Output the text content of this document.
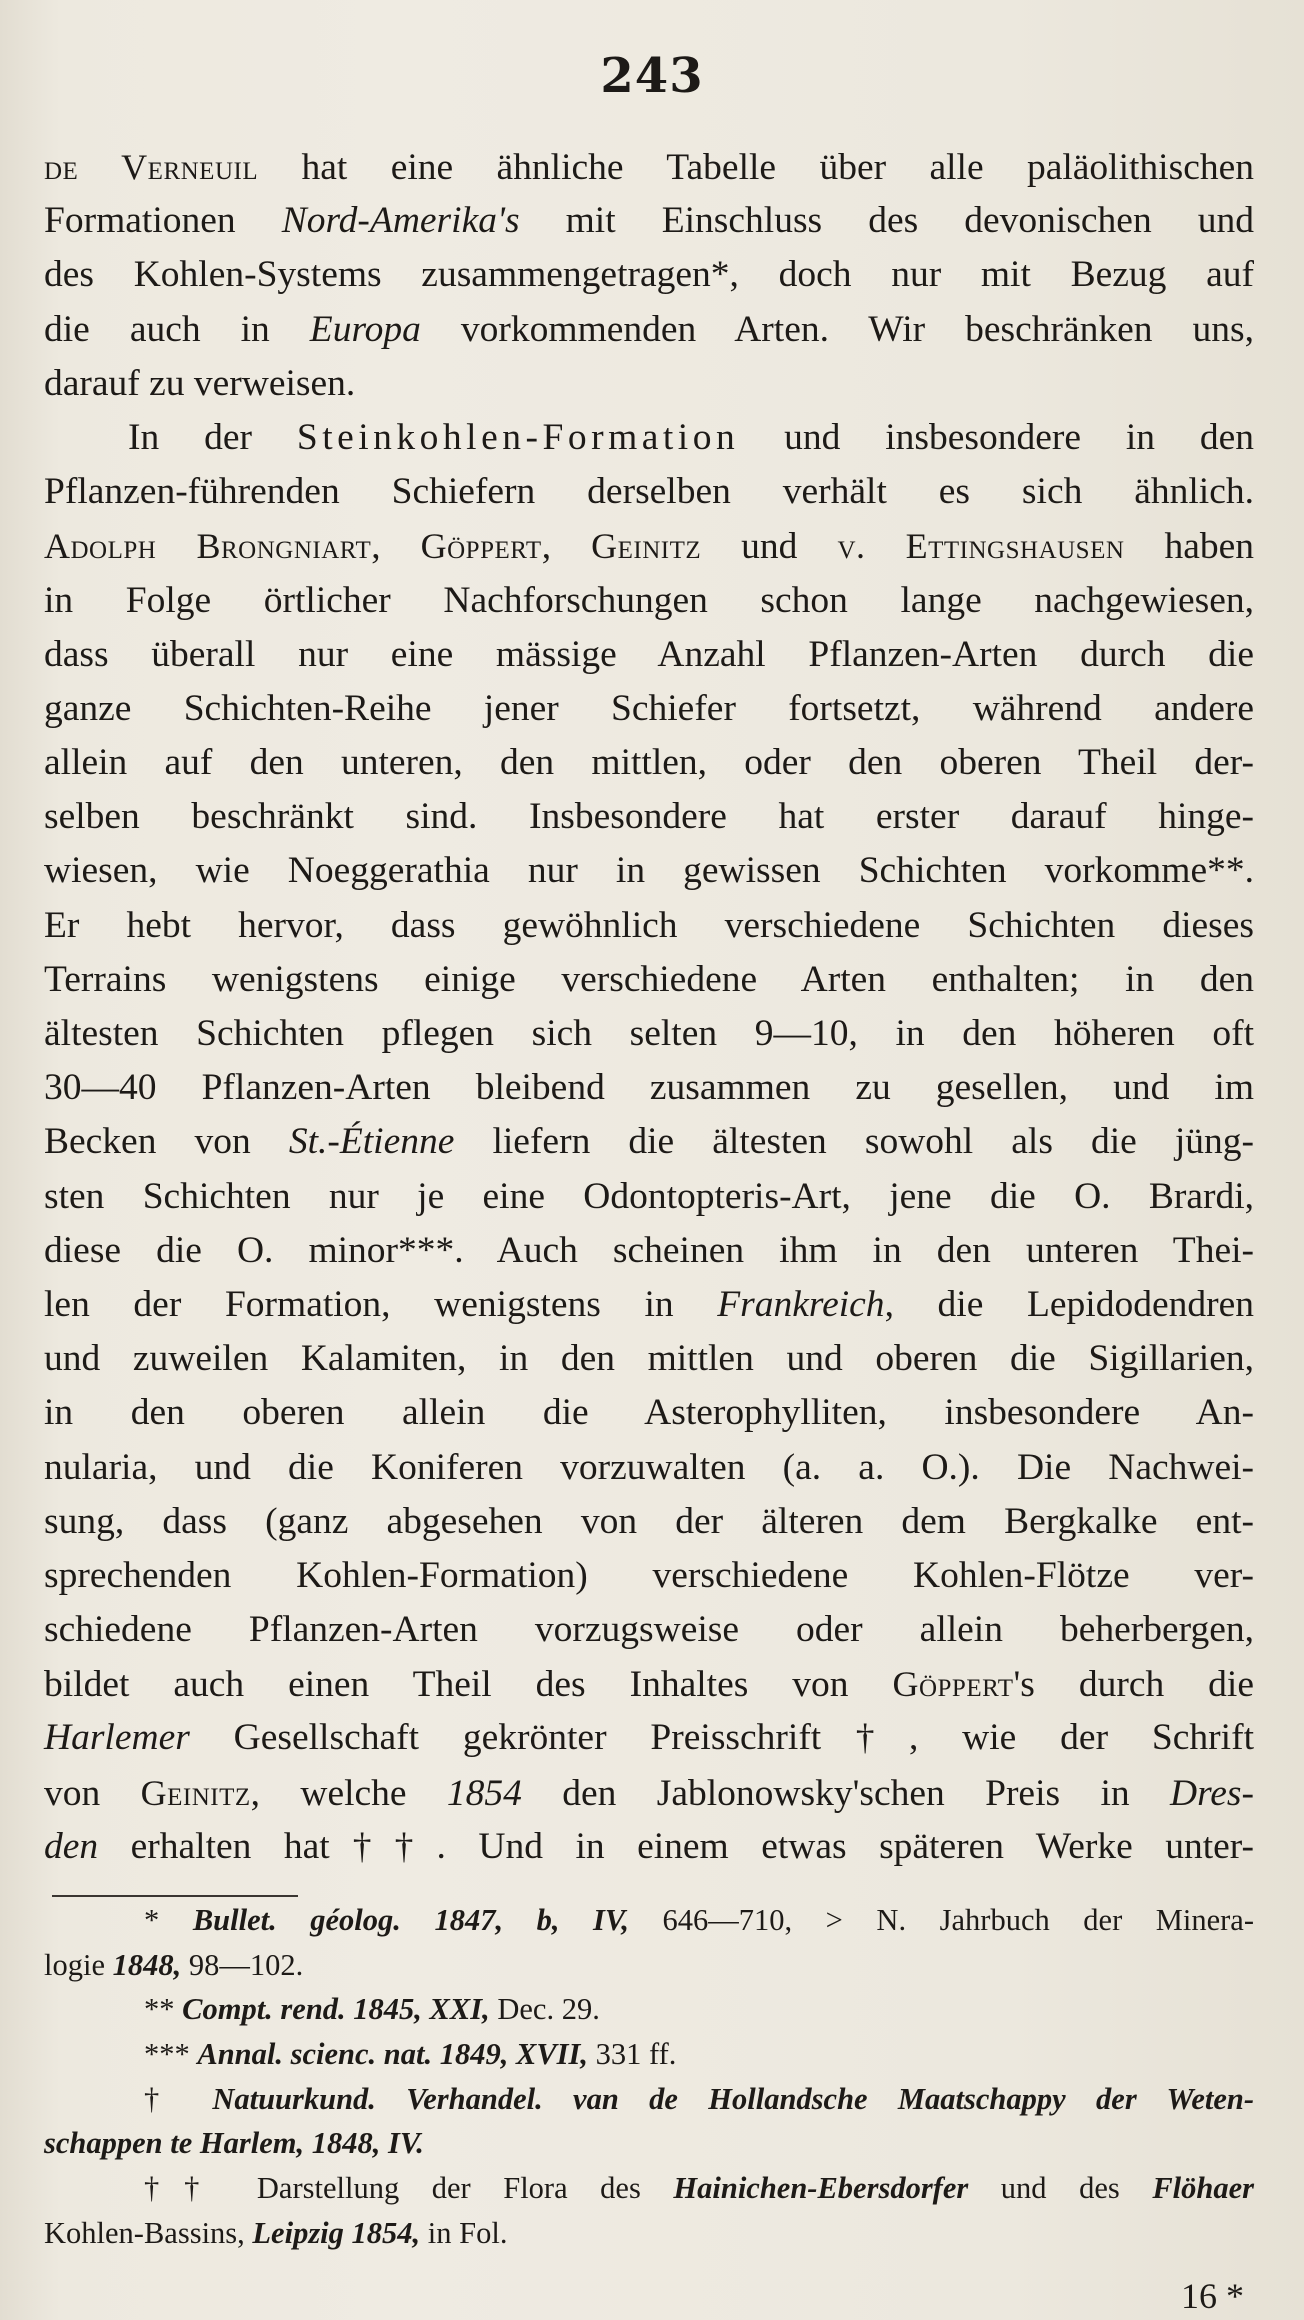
243
de Verneuil hat eine ähnliche Tabelle über alle paläolithischen
Formationen Nord-Amerika's mit Einschluss des devonischen und
des Kohlen-Systems zusammengetragen*, doch nur mit Bezug auf
die auch in Europa vorkommenden Arten. Wir beschränken uns,
darauf zu verweisen.
In der Steinkohlen-Formation und insbesondere in den
Pflanzen-führenden Schiefern derselben verhält es sich ähnlich.
Adolph Brongniart, Göppert, Geinitz und v. Ettingshausen haben
in Folge örtlicher Nachforschungen schon lange nachgewiesen,
dass überall nur eine mässige Anzahl Pflanzen-Arten durch die
ganze Schichten-Reihe jener Schiefer fortsetzt, während andere
allein auf den unteren, den mittlen, oder den oberen Theil der-
selben beschränkt sind. Insbesondere hat erster darauf hinge-
wiesen, wie Noeggerathia nur in gewissen Schichten vorkomme**.
Er hebt hervor, dass gewöhnlich verschiedene Schichten dieses
Terrains wenigstens einige verschiedene Arten enthalten; in den
ältesten Schichten pflegen sich selten 9—10, in den höheren oft
30—40 Pflanzen-Arten bleibend zusammen zu gesellen, und im
Becken von St.-Étienne liefern die ältesten sowohl als die jüng-
sten Schichten nur je eine Odontopteris-Art, jene die O. Brardi,
diese die O. minor***. Auch scheinen ihm in den unteren Thei-
len der Formation, wenigstens in Frankreich, die Lepidodendren
und zuweilen Kalamiten, in den mittlen und oberen die Sigillarien,
in den oberen allein die Asterophylliten, insbesondere An-
nularia, und die Koniferen vorzuwalten (a. a. O.). Die Nachwei-
sung, dass (ganz abgesehen von der älteren dem Bergkalke ent-
sprechenden Kohlen-Formation) verschiedene Kohlen-Flötze ver-
schiedene Pflanzen-Arten vorzugsweise oder allein beherbergen,
bildet auch einen Theil des Inhaltes von Göppert's durch die
Harlemer Gesellschaft gekrönter Preisschrift†, wie der Schrift
von Geinitz, welche 1854 den Jablonowsky'schen Preis in Dres-
den erhalten hat††. Und in einem etwas späteren Werke unter-
* Bullet. géolog. 1847, b, IV, 646—710, > N. Jahrbuch der Minera-
logie 1848, 98—102.
** Compt. rend. 1845, XXI, Dec. 29.
*** Annal. scienc. nat. 1849, XVII, 331 ff.
† Natuurkund. Verhandel. van de Hollandsche Maatschappy der Weten-
schappen te Harlem, 1848, IV.
†† Darstellung der Flora des Hainichen-Ebersdorfer und des Flöhaer
Kohlen-Bassins, Leipzig 1854, in Fol.
16 *
